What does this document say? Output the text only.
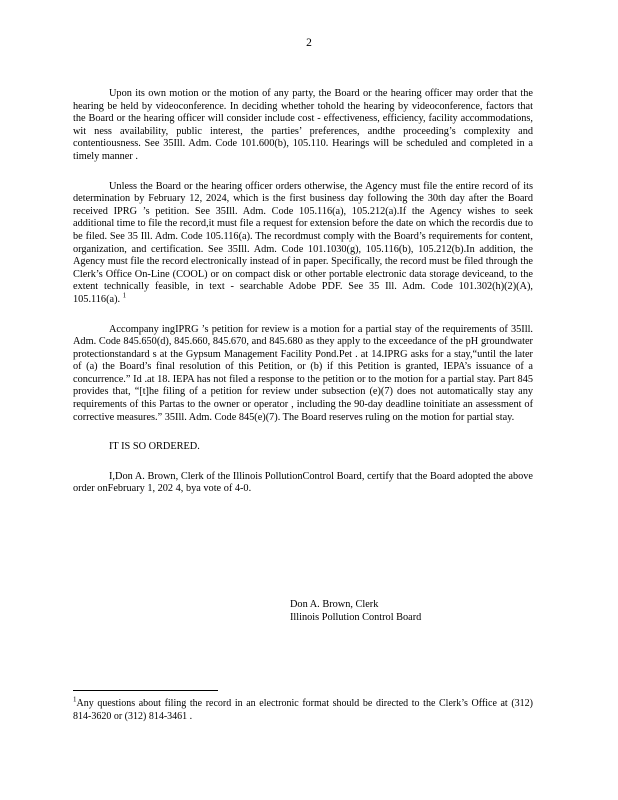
2

Upon its own motion or the motion of any party, the Board or the hearing officer may order that the hearing be held by videoconference. In deciding whether tohold the hearing by videoconference, factors that the Board or the hearing officer will consider include cost - effectiveness, efficiency, facility accommodations, wit ness availability, public interest, the parties’ preferences, andthe proceeding’s complexity and contentiousness. See 35Ill. Adm. Code 101.600(b), 105.110. Hearings will be scheduled and completed in a timely manner .

Unless the Board or the hearing officer orders otherwise, the Agency must file the entire record of its determination by February 12, 2024, which is the first business day following the 30th day after the Board received IPRG ’s petition. See 35Ill. Adm. Code 105.116(a), 105.212(a).If the Agency wishes to seek additional time to file the record,it must file a request for extension before the date on which the recordis due to be filed. See 35 Ill. Adm. Code 105.116(a). The recordmust comply with the Board’s requirements for content, organization, and certification. See 35Ill. Adm. Code 101.1030(g), 105.116(b), 105.212(b).In addition, the Agency must file the record electronically instead of in paper. Specifically, the record must be filed through the Clerk’s Office On-Line (COOL) or on compact disk or other portable electronic data storage deviceand, to the extent technically feasible, in text - searchable Adobe PDF. See 35 Ill. Adm. Code 101.302(h)(2)(A), 105.116(a). $^1$

Accompany ingIPRG ’s petition for review is a motion for a partial stay of the requirements of 35Ill. Adm. Code 845.650(d), 845.660, 845.670, and 845.680 as they apply to the exceedance of the pH groundwater protectionstandard s at the Gypsum Management Facility Pond.Pet . at 14.IPRG asks for a stay,“until the later of (a) the Board’s final resolution of this Petition, or (b) if this Petition is granted, IEPA’s issuance of a concurrence.” Id .at 18. IEPA has not filed a response to the petition or to the motion for a partial stay. Part 845 provides that, “[t]he filing of a petition for review under subsection (e)(7) does not automatically stay any requirements of this Partas to the owner or operator , including the 90-day deadline toinitiate an assessment of corrective measures.” 35Ill. Adm. Code 845(e)(7). The Board reserves ruling on the motion for partial stay.

IT IS SO ORDERED.

I,Don A. Brown, Clerk of the Illinois PollutionControl Board, certify that the Board adopted the above order onFebruary 1, 202 4, bya vote of 4-0.

Don A. Brown, Clerk
Illinois Pollution Control Board
$^1$Any questions about filing the record in an electronic format should be directed to the Clerk’s Office at (312) 814-3620 or (312) 814-3461 .
